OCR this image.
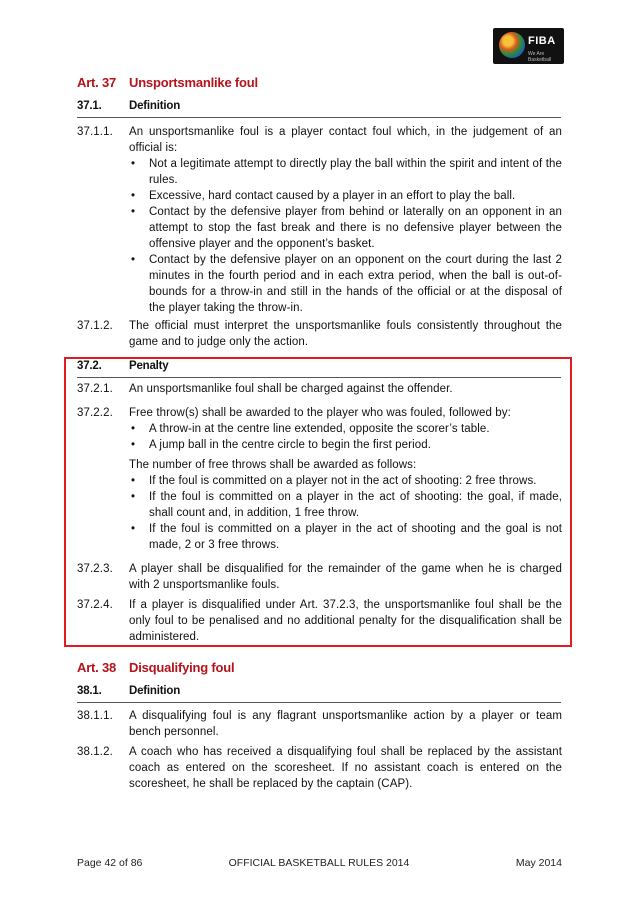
FIBA
We Are Basketball
Art. 37 Unsportsmanlike foul
37.1. Definition
37.1.1.	An unsportsmanlike foul is a player contact foul which, in the judgement of an official is:
• Not a legitimate attempt to directly play the ball within the spirit and intent of the rules.
• Excessive, hard contact caused by a player in an effort to play the ball.
• Contact by the defensive player from behind or laterally on an opponent in an attempt to stop the fast break and there is no defensive player between the offensive player and the opponent’s basket.
• Contact by the defensive player on an opponent on the court during the last 2 minutes in the fourth period and in each extra period, when the ball is out-of-bounds for a throw-in and still in the hands of the official or at the disposal of the player taking the throw-in.
37.1.2.	The official must interpret the unsportsmanlike fouls consistently throughout the game and to judge only the action.
37.2. Penalty
37.2.1.	An unsportsmanlike foul shall be charged against the offender.
37.2.2.	Free throw(s) shall be awarded to the player who was fouled, followed by:
• A throw-in at the centre line extended, opposite the scorer’s table.
• A jump ball in the centre circle to begin the first period.
The number of free throws shall be awarded as follows:
• If the foul is committed on a player not in the act of shooting: 2 free throws.
• If the foul is committed on a player in the act of shooting: the goal, if made, shall count and, in addition, 1 free throw.
• If the foul is committed on a player in the act of shooting and the goal is not made, 2 or 3 free throws.
37.2.3.	A player shall be disqualified for the remainder of the game when he is charged with 2 unsportsmanlike fouls.
37.2.4.	If a player is disqualified under Art. 37.2.3, the unsportsmanlike foul shall be the only foul to be penalised and no additional penalty for the disqualification shall be administered.
Art. 38 Disqualifying foul
38.1. Definition
38.1.1.	A disqualifying foul is any flagrant unsportsmanlike action by a player or team bench personnel.
38.1.2.	A coach who has received a disqualifying foul shall be replaced by the assistant coach as entered on the scoresheet. If no assistant coach is entered on the scoresheet, he shall be replaced by the captain (CAP).
Page 42 of 86	OFFICIAL BASKETBALL RULES 2014	May 2014
